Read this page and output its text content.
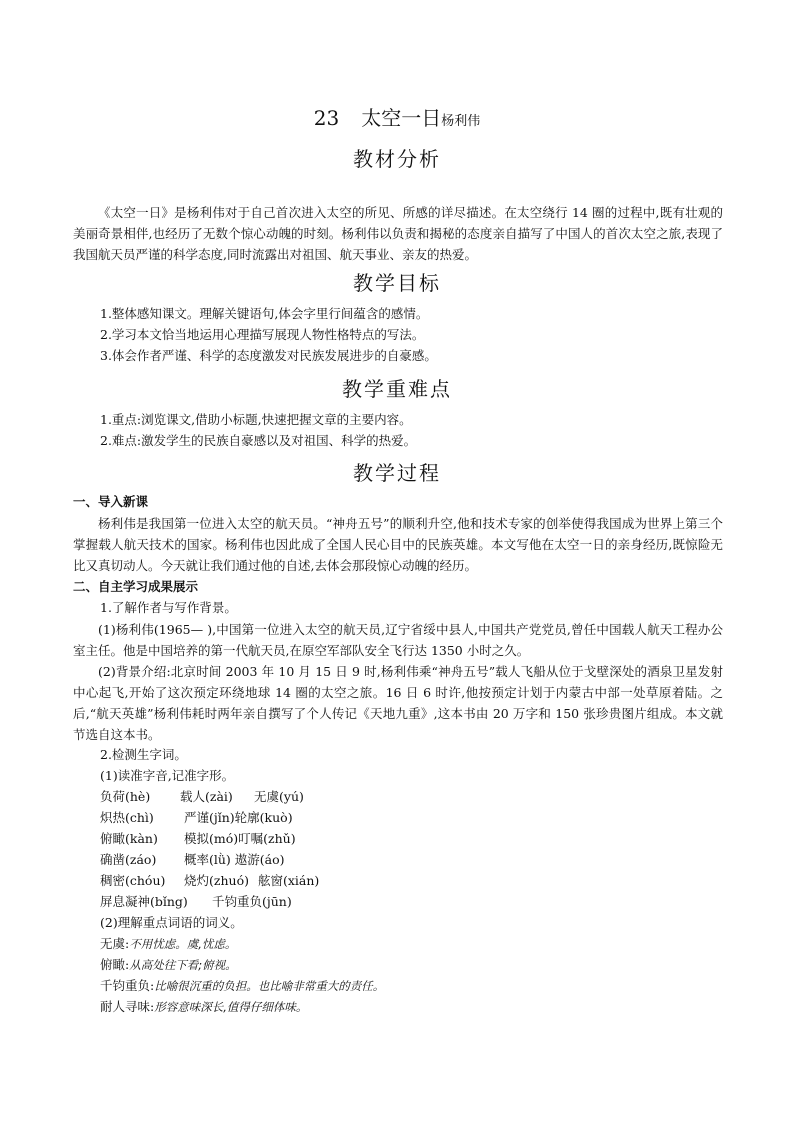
23 太空一日杨利伟
教材分析
《太空一日》是杨利伟对于自己首次进入太空的所见、所感的详尽描述。在太空绕行 14 圈的过程中,既有壮观的美丽奇景相伴,也经历了无数个惊心动魄的时刻。杨利伟以负责和揭秘的态度亲自描写了中国人的首次太空之旅,表现了我国航天员严谨的科学态度,同时流露出对祖国、航天事业、亲友的热爱。
教学目标
1.整体感知课文。理解关键语句,体会字里行间蕴含的感情。
2.学习本文恰当地运用心理描写展现人物性格特点的写法。
3.体会作者严谨、科学的态度激发对民族发展进步的自豪感。
教学重难点
1.重点:浏览课文,借助小标题,快速把握文章的主要内容。
2.难点:激发学生的民族自豪感以及对祖国、科学的热爱。
教学过程
一、导入新课
杨利伟是我国第一位进入太空的航天员。“神舟五号”的顺利升空,他和技术专家的创举使得我国成为世界上第三个掌握载人航天技术的国家。杨利伟也因此成了全国人民心目中的民族英雄。本文写他在太空一日的亲身经历,既惊险无比又真切动人。今天就让我们通过他的自述,去体会那段惊心动魄的经历。
二、自主学习成果展示
1.了解作者与写作背景。
(1)杨利伟(1965— ),中国第一位进入太空的航天员,辽宁省绥中县人,中国共产党党员,曾任中国载人航天工程办公室主任。他是中国培养的第一代航天员,在原空军部队安全飞行达 1350 小时之久。
(2)背景介绍:北京时间 2003 年 10 月 15 日 9 时,杨利伟乘“神舟五号”载人飞船从位于戈壁深处的酒泉卫星发射中心起飞,开始了这次预定环绕地球 14 圈的太空之旅。16 日 6 时许,他按预定计划于内蒙古中部一处草原着陆。之后,“航天英雄”杨利伟耗时两年亲自撰写了个人传记《天地九重》,这本书由 20 万字和 150 张珍贵图片组成。本文就节选自这本书。
2.检测生字词。
(1)读准字音,记准字形。
负荷(hè) 载人(zài) 无虞(yú)
炽热(chì) 严谨(jǐn)轮廓(kuò)
俯瞰(kàn) 模拟(mó)叮嘱(zhǔ)
确凿(záo) 概率(lǜ) 遨游(áo)
稠密(chóu) 烧灼(zhuó) 舷窗(xián)
屏息凝神(bǐng) 千钧重负(jūn)
(2)理解重点词语的词义。
无虞:不用忧虑。虞,忧虑。
俯瞰:从高处往下看;俯视。
千钧重负:比喻很沉重的负担。也比喻非常重大的责任。
耐人寻味:形容意味深长,值得仔细体味。
